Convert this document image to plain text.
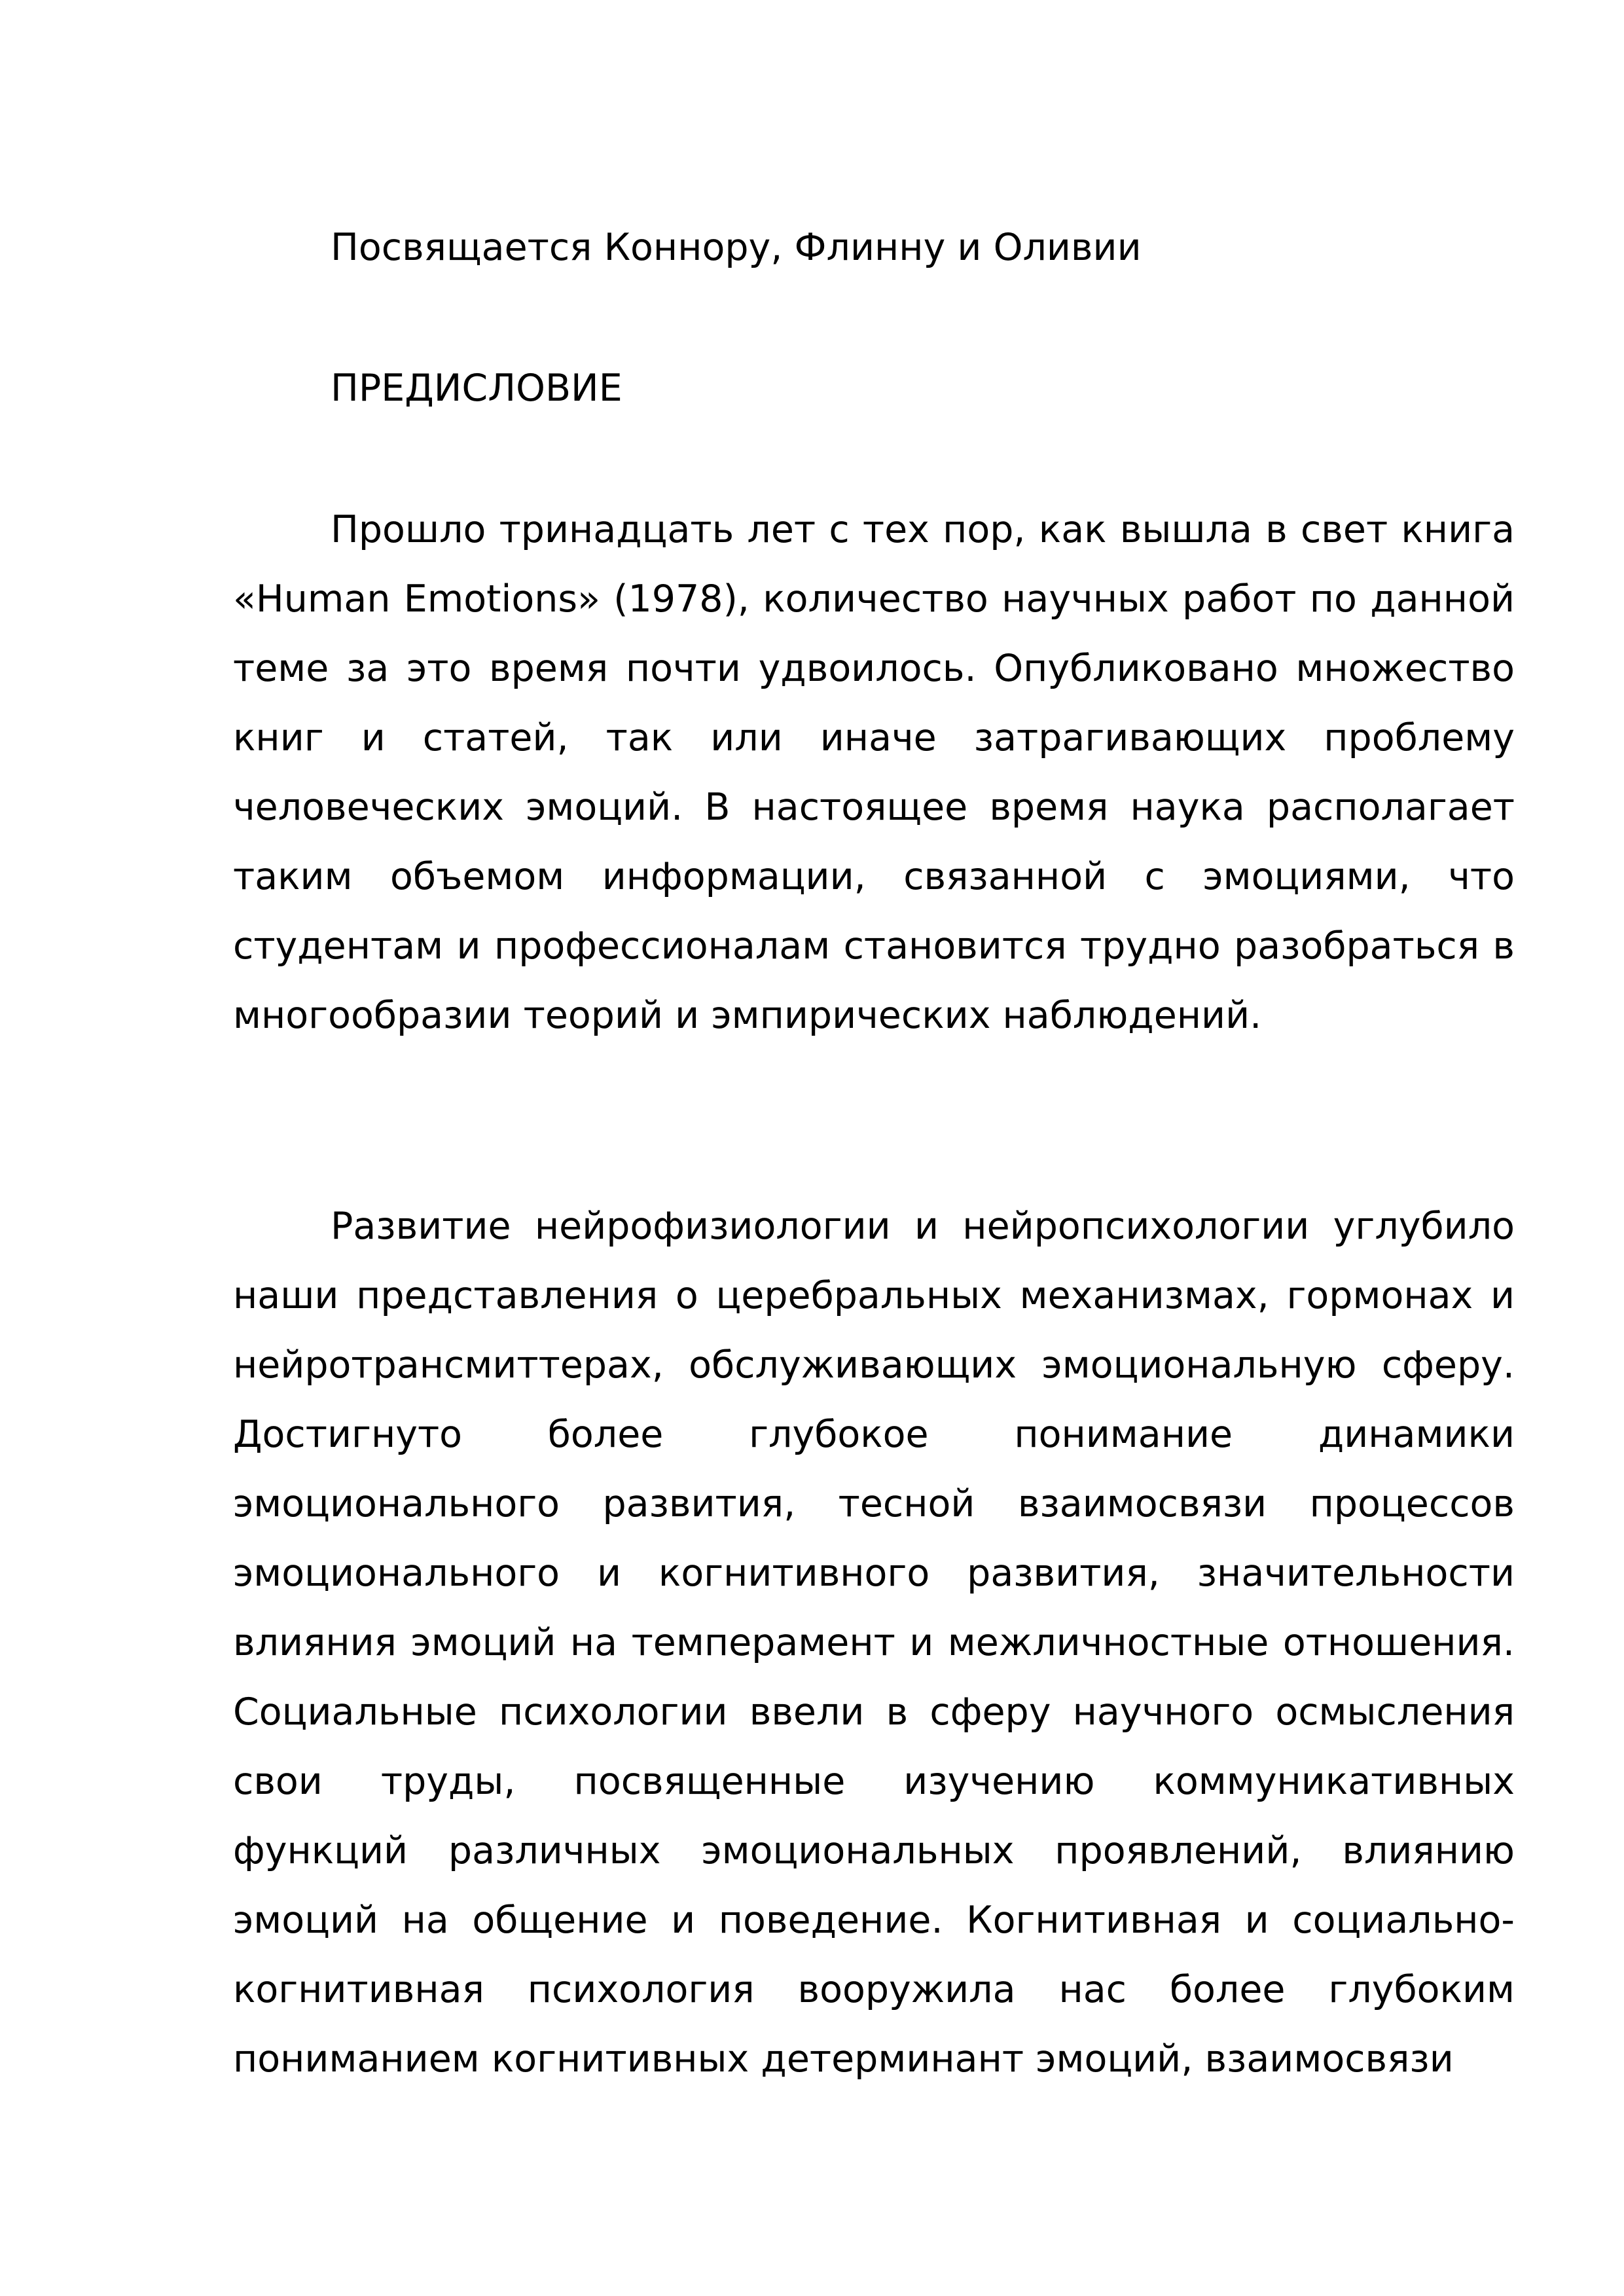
Посвящается Коннору, Флинну и Оливии
ПРЕДИСЛОВИЕ

Прошло тринадцать лет с тех пор, как вышла в свет книга «Human Emotions» (1978), количество научных работ по данной теме за это время почти удвоилось. Опубликовано множество книг и статей, так или иначе затрагивающих проблему человеческих эмоций. В настоящее время наука располагает таким объемом информации, связанной с эмоциями, что студентам и профессионалам становится трудно разобраться в многообразии теорий и эмпирических наблюдений.

Развитие нейрофизиологии и нейропсихологии углубило наши представления о церебральных механизмах, гормонах и нейротрансмиттерах, обслуживающих эмоциональную сферу. Достигнуто более глубокое понимание динамики эмоционального развития, тесной взаимосвязи процессов эмоционального и когнитивного развития, значительности влияния эмоций на темперамент и межличностные отношения. Социальные психологии ввели в сферу научного осмысления свои труды, посвященные изучению коммуникативных функций различных эмоциональных проявлений, влиянию эмоций на общение и поведение. Когнитивная и социально-когнитивная психология вооружила нас более глубоким пониманием когнитивных детерминант эмоций, взаимосвязи
